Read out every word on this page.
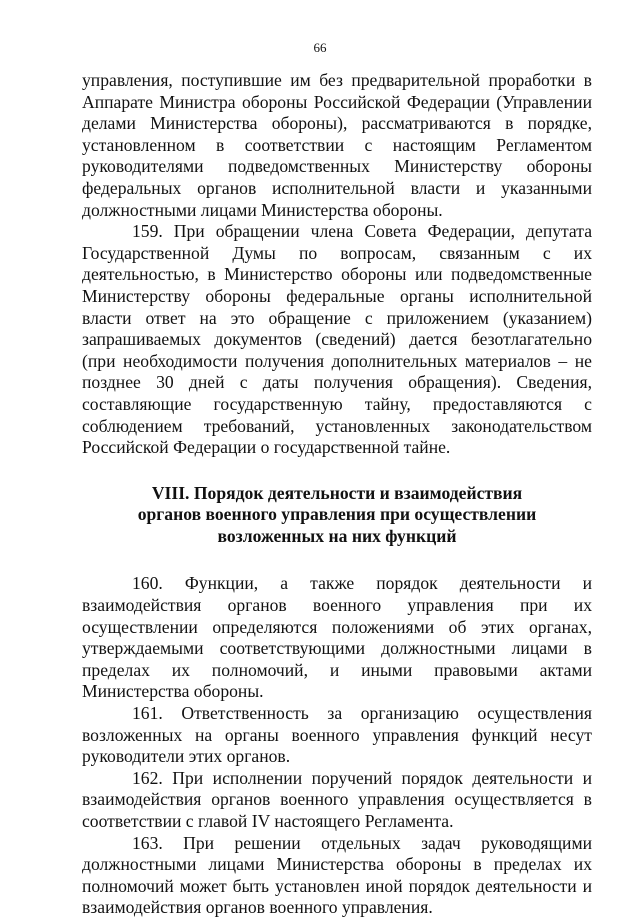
66

управления, поступившие им без предварительной проработки в Аппарате Министра обороны Российской Федерации (Управлении делами Министерства обороны), рассматриваются в порядке, установленном в соответствии с настоящим Регламентом руководителями подведомственных Министерству обороны федеральных органов исполнительной власти и указанными должностными лицами Министерства обороны.

159. При обращении члена Совета Федерации, депутата Государственной Думы по вопросам, связанным с их деятельностью, в Министерство обороны или подведомственные Министерству обороны федеральные органы исполнительной власти ответ на это обращение с приложением (указанием) запрашиваемых документов (сведений) дается безотлагательно (при необходимости получения дополнительных материалов – не позднее 30 дней с даты получения обращения). Сведения, составляющие государственную тайну, предоставляются с соблюдением требований, установленных законодательством Российской Федерации о государственной тайне.

VIII. Порядок деятельности и взаимодействия
органов военного управления при осуществлении
возложенных на них функций

160. Функции, а также порядок деятельности и взаимодействия органов военного управления при их осуществлении определяются положениями об этих органах, утверждаемыми соответствующими должностными лицами в пределах их полномочий, и иными правовыми актами Министерства обороны.

161. Ответственность за организацию осуществления возложенных на органы военного управления функций несут руководители этих органов.

162. При исполнении поручений порядок деятельности и взаимодействия органов военного управления осуществляется в соответствии с главой IV настоящего Регламента.

163. При решении отдельных задач руководящими должностными лицами Министерства обороны в пределах их полномочий может быть установлен иной порядок деятельности и взаимодействия органов военного управления.
